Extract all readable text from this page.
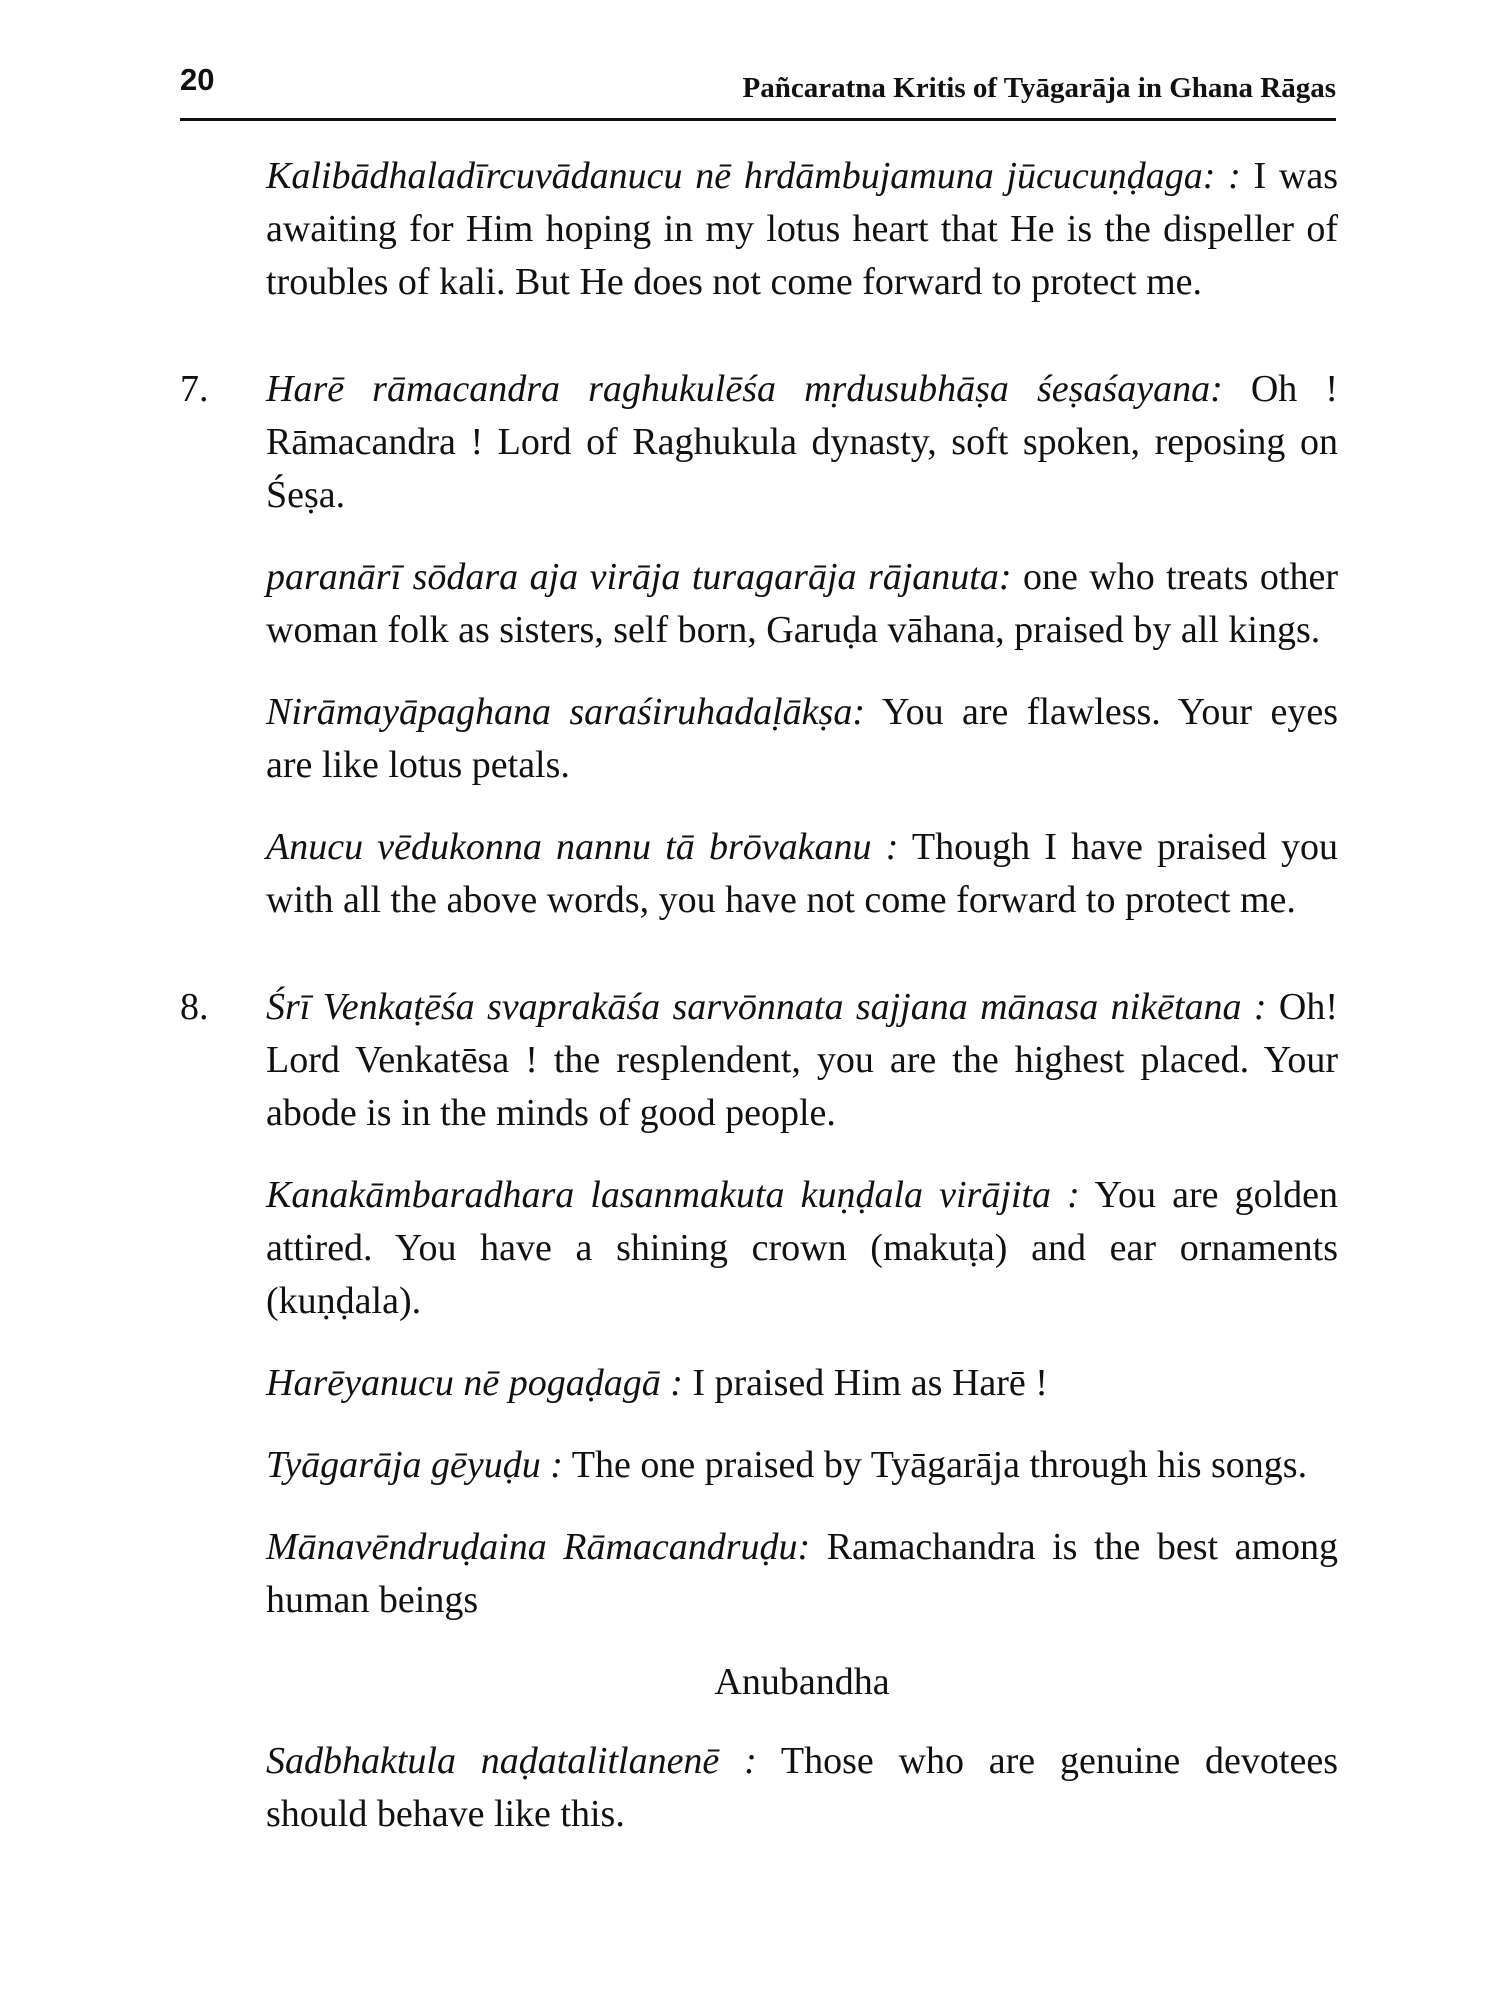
20	Pañcaratna Kritis of Tyāgarāja in Ghana Rāgas
Kalibādhaladīrcuvādanucu nē hrdāmbujamuna jūcucuṇḍaga: : I was awaiting for Him hoping in my lotus heart that He is the dispeller of troubles of kali. But He does not come forward to protect me.
7. Harē rāmacandra raghukulēśa mṛdusubhāṣa śeṣaśayana: Oh ! Rāmacandra ! Lord of Raghukula dynasty, soft spoken, reposing on Śeṣa.
paranārī sōdara aja virāja turagarāja rājanuta: one who treats other woman folk as sisters, self born, Garuḍa vāhana, praised by all kings.
Nirāmayāpaghana saraśiruhadaḷākṣa: You are flawless. Your eyes are like lotus petals.
Anucu vēdukonna nannu tā brōvakanu : Though I have praised you with all the above words, you have not come forward to protect me.
8. Śrī Venkaṭēśa svaprakāśa sarvōnnata sajjana mānasa nikētana : Oh! Lord Venkatēsa ! the resplendent, you are the highest placed. Your abode is in the minds of good people.
Kanakāmbaradhara lasanmakuta kuṇḍala virājita : You are golden attired. You have a shining crown (makuṭa) and ear ornaments (kuṇḍala).
Harēyanucu nē pogaḍagā : I praised Him as Harē !
Tyāgarāja gēyuḍu : The one praised by Tyāgarāja through his songs.
Mānavēndruḍaina Rāmacandruḍu: Ramachandra is the best among human beings
Anubandha
Sadbhaktula naḍatalitlanenē : Those who are genuine devotees should behave like this.
